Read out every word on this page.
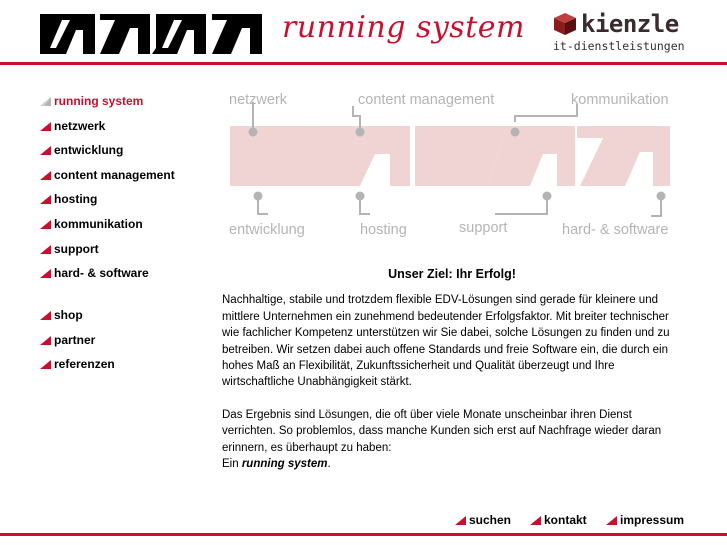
running system kienzle
it-dienstleistungen
running system
netzwerk
entwicklung
content management
hosting
kommunikation
support
hard- & software
shop
partner
referenzen
netzwerk	content management	kommunikation
entwicklung	hosting	support	hard- & software
Unser Ziel: Ihr Erfolg!

Nachhaltige, stabile und trotzdem flexible EDV-Lösungen sind gerade für kleinere und mittlere Unternehmen ein zunehmend bedeutender Erfolgsfaktor. Mit breiter technischer wie fachlicher Kompetenz unterstützen wir Sie dabei, solche Lösungen zu finden und zu betreiben. Wir setzen dabei auch offene Standards und freie Software ein, die durch ein hohes Maß an Flexibilität, Zukunftssicherheit und Qualität überzeugt und Ihre wirtschaftliche Unabhängigkeit stärkt.

Das Ergebnis sind Lösungen, die oft über viele Monate unscheinbar ihren Dienst verrichten. So problemlos, dass manche Kunden sich erst auf Nachfrage wieder daran erinnern, es überhaupt zu haben:

Ein running system.
suchen	kontakt	impressum
